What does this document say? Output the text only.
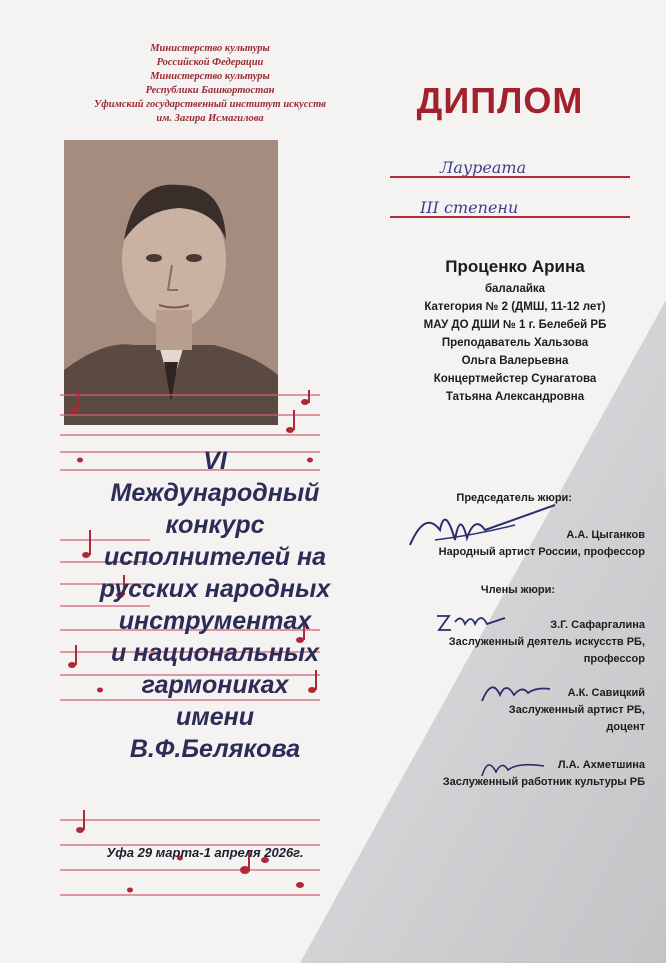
Министерство культуры
Российской Федерации
Министерство культуры
Республики Башкортостан
Уфимский государственный институт искусств
им. Загира Исмагилова	ДИПЛОМ
Лауреата
III степени
VI
Международный
конкурс
исполнителей на
русских народных
инструментах
и национальных
гармониках
имени
В.Ф.Белякова
Уфа 29 марта-1 апреля 2026г.
Проценко Арина
балалайка
Категория № 2 (ДМШ, 11-12 лет)
МАУ ДО ДШИ № 1 г. Белебей РБ
Преподаватель Хальзова
Ольга Валерьевна
Концертмейстер Сунагатова
Татьяна Александровна
Председатель жюри:
А.А. Цыганков
Народный артист России, профессор
Члены жюри:
З.Г. Сафаргалина
Заслуженный деятель искусств РБ,
профессор
А.К. Савицкий
Заслуженный артист РБ,
доцент
Л.А. Ахметшина
Заслуженный работник культуры РБ
